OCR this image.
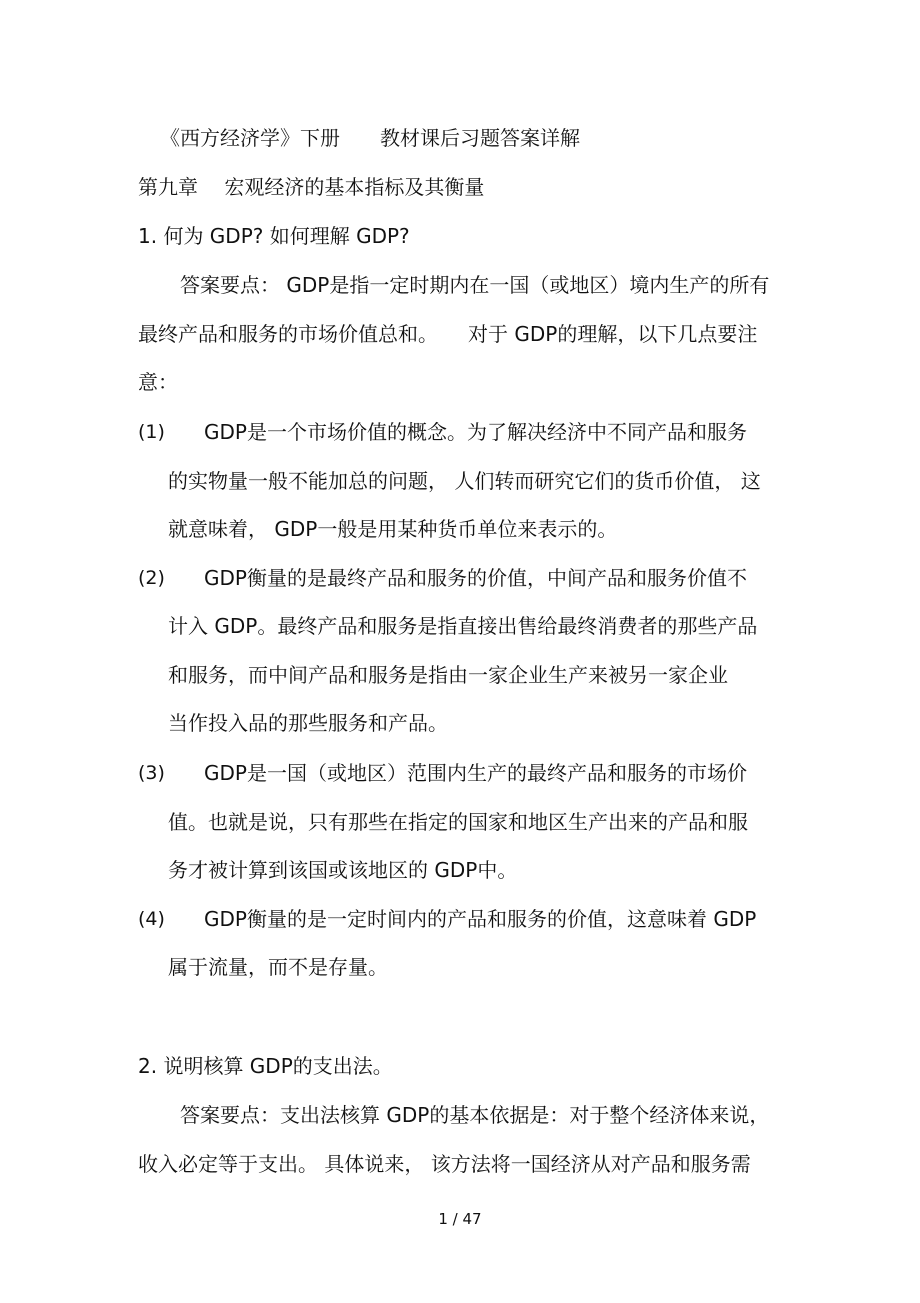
《西方经济学》下册　　教材课后习题答案详解
第九章　 宏观经济的基本指标及其衡量
1. 何为 GDP? 如何理解 GDP?
答案要点： GDP是指一定时期内在一国（或地区）境内生产的所有
最终产品和服务的市场价值总和。　　对于 GDP的理解，以下几点要注
意：
(1) GDP是一个市场价值的概念。为了解决经济中不同产品和服务
的实物量一般不能加总的问题， 人们转而研究它们的货币价值， 这
就意味着， GDP一般是用某种货币单位来表示的。
(2) GDP衡量的是最终产品和服务的价值，中间产品和服务价值不
计入 GDP。最终产品和服务是指直接出售给最终消费者的那些产品
和服务，而中间产品和服务是指由一家企业生产来被另一家企业
当作投入品的那些服务和产品。
(3) GDP是一国（或地区）范围内生产的最终产品和服务的市场价
值。也就是说，只有那些在指定的国家和地区生产出来的产品和服
务才被计算到该国或该地区的 GDP中。
(4) GDP衡量的是一定时间内的产品和服务的价值，这意味着 GDP
属于流量，而不是存量。
2. 说明核算 GDP的支出法。
答案要点：支出法核算 GDP的基本依据是：对于整个经济体来说，
收入必定等于支出。 具体说来， 该方法将一国经济从对产品和服务需
1 / 47
